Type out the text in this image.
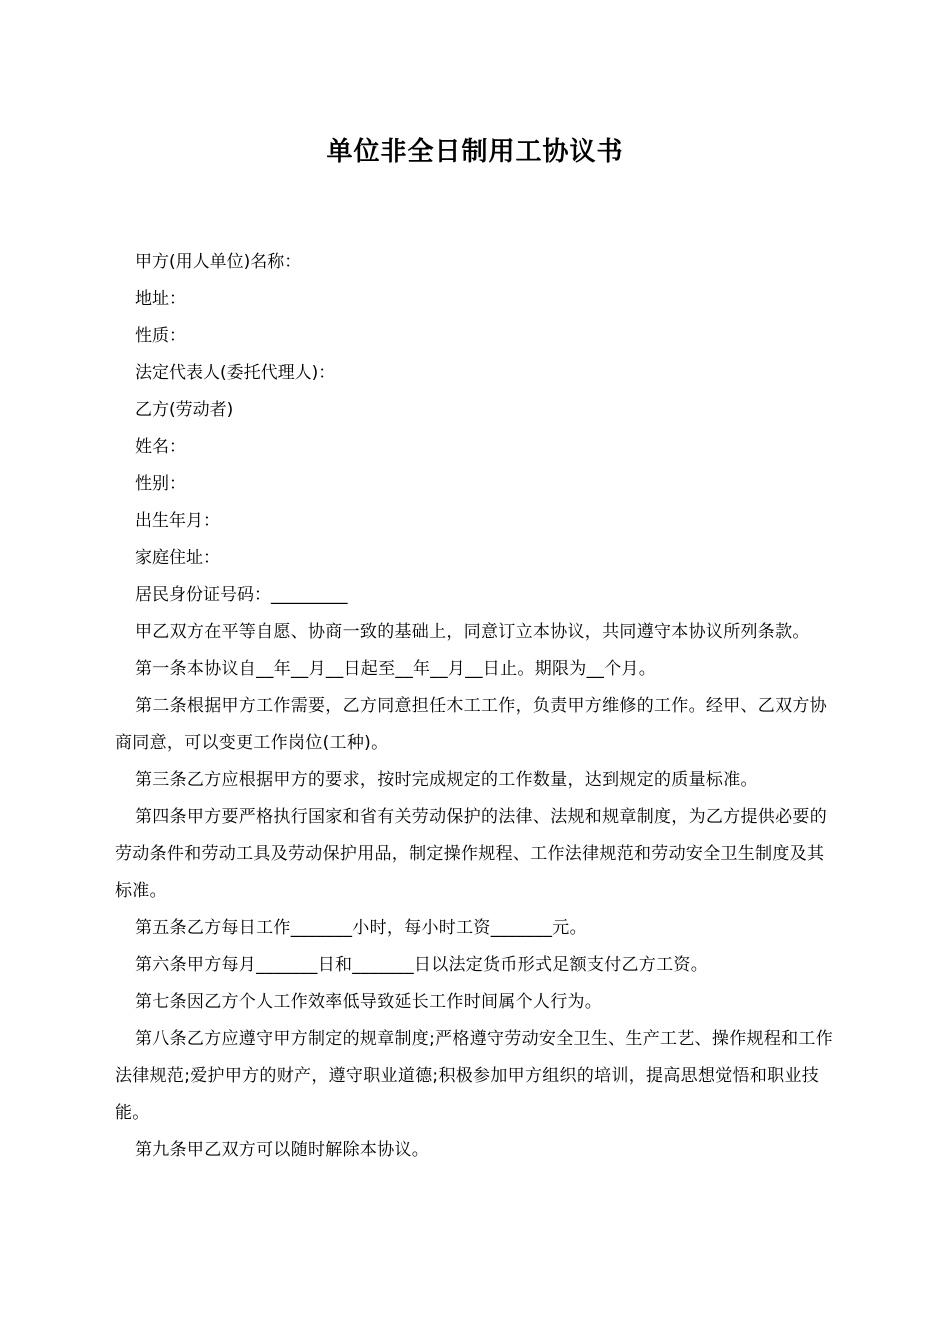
单位非全日制用工协议书

甲方(用人单位)名称：

地址：

性质：

法定代表人(委托代理人)：

乙方(劳动者)

姓名：

性别：

出生年月：

家庭住址：

居民身份证号码：_________

甲乙双方在平等自愿、协商一致的基础上，同意订立本协议，共同遵守本协议所列条款。

第一条本协议自__年__月__日起至__年__月__日止。期限为__个月。

第二条根据甲方工作需要，乙方同意担任木工工作，负责甲方维修的工作。经甲、乙双方协商同意，可以变更工作岗位(工种)。

第三条乙方应根据甲方的要求，按时完成规定的工作数量，达到规定的质量标准。

第四条甲方要严格执行国家和省有关劳动保护的法律、法规和规章制度，为乙方提供必要的劳动条件和劳动工具及劳动保护用品，制定操作规程、工作法律规范和劳动安全卫生制度及其标准。

第五条乙方每日工作_______小时，每小时工资_______元。

第六条甲方每月_______日和_______日以法定货币形式足额支付乙方工资。

第七条因乙方个人工作效率低导致延长工作时间属个人行为。

第八条乙方应遵守甲方制定的规章制度;严格遵守劳动安全卫生、生产工艺、操作规程和工作法律规范;爱护甲方的财产，遵守职业道德;积极参加甲方组织的培训，提高思想觉悟和职业技能。

第九条甲乙双方可以随时解除本协议。
